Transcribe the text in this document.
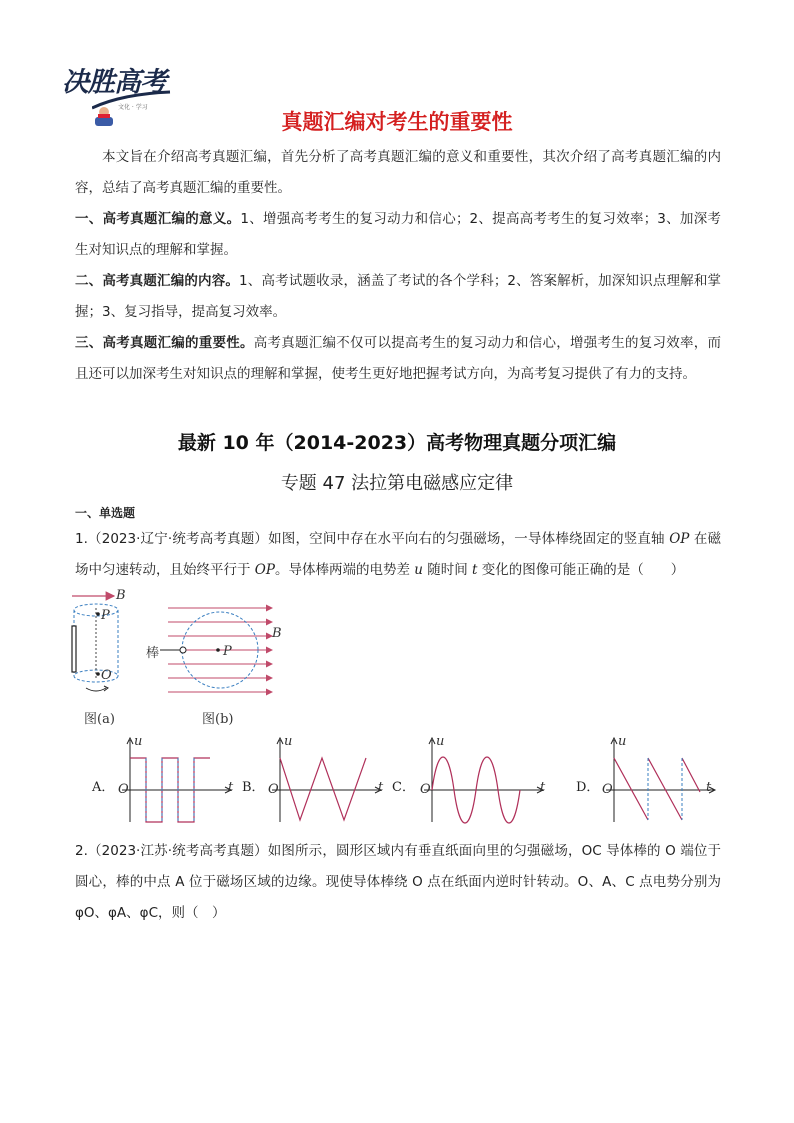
决胜高考
文化 · 学习
真题汇编对考生的重要性
本文旨在介绍高考真题汇编，首先分析了高考真题汇编的意义和重要性，其次介绍了高考真题汇编的内容，总结了高考真题汇编的重要性。
一、高考真题汇编的意义。1、增强高考考生的复习动力和信心；2、提高高考考生的复习效率；3、加深考生对知识点的理解和掌握。
二、高考真题汇编的内容。1、高考试题收录，涵盖了考试的各个学科；2、答案解析，加深知识点理解和掌握；3、复习指导，提高复习效率。
三、高考真题汇编的重要性。高考真题汇编不仅可以提高考生的复习动力和信心，增强考生的复习效率，而且还可以加深考生对知识点的理解和掌握，使考生更好地把握考试方向，为高考复习提供了有力的支持。
最新 10 年（2014-2023）高考物理真题分项汇编
专题 47 法拉第电磁感应定律
一、单选题
1.（2023·辽宁·统考高考真题）如图，空间中存在水平向右的匀强磁场，一导体棒绕固定的竖直轴 OP 在磁场中匀速转动，且始终平行于 OP。导体棒两端的电势差 u 随时间 t 变化的图像可能正确的是（　　）
B
P
O
图(a)
棒	P
B
图(b)
A．
u
t
O	B．
u
t
O	C．
u
t
O	D．
u
t
O
2.（2023·江苏·统考高考真题）如图所示，圆形区域内有垂直纸面向里的匀强磁场，OC 导体棒的 O 端位于圆心，棒的中点 A 位于磁场区域的边缘。现使导体棒绕 O 点在纸面内逆时针转动。O、A、C 点电势分别为φO、φA、φC，则（　）
